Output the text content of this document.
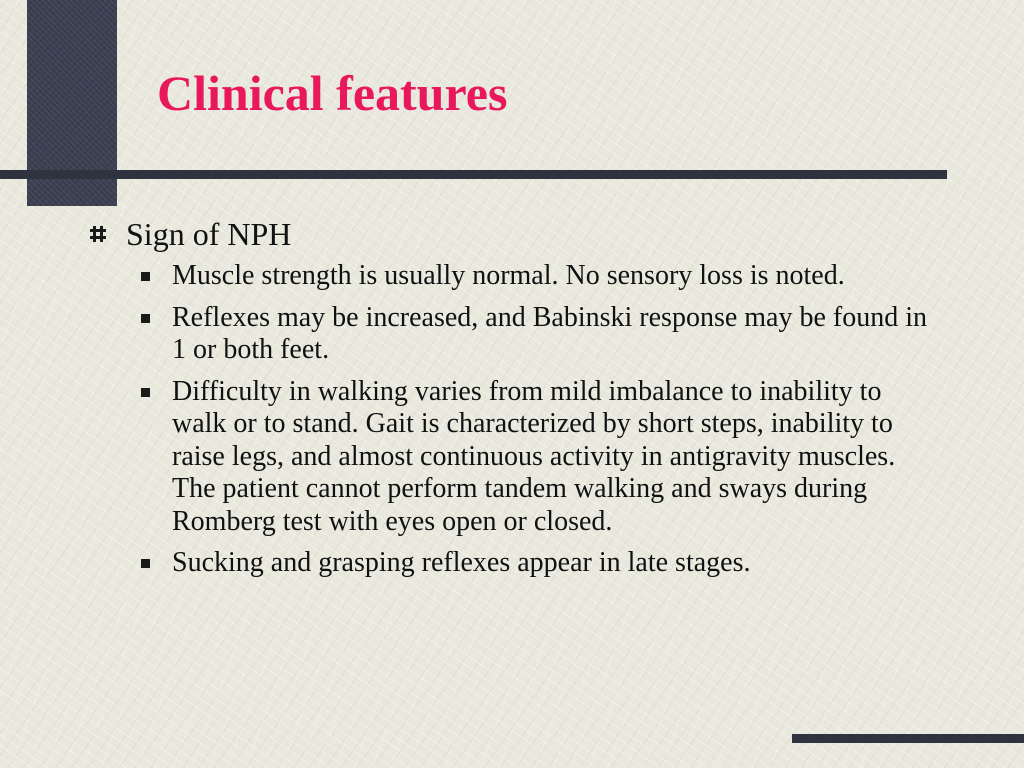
Clinical features
Sign of NPH
Muscle strength is usually normal. No sensory loss is noted.
Reflexes may be increased, and Babinski response may be found in 1 or both feet.
Difficulty in walking varies from mild imbalance to inability to walk or to stand. Gait is characterized by short steps, inability to raise legs, and almost continuous activity in antigravity muscles. The patient cannot perform tandem walking and sways during Romberg test with eyes open or closed.
Sucking and grasping reflexes appear in late stages.
